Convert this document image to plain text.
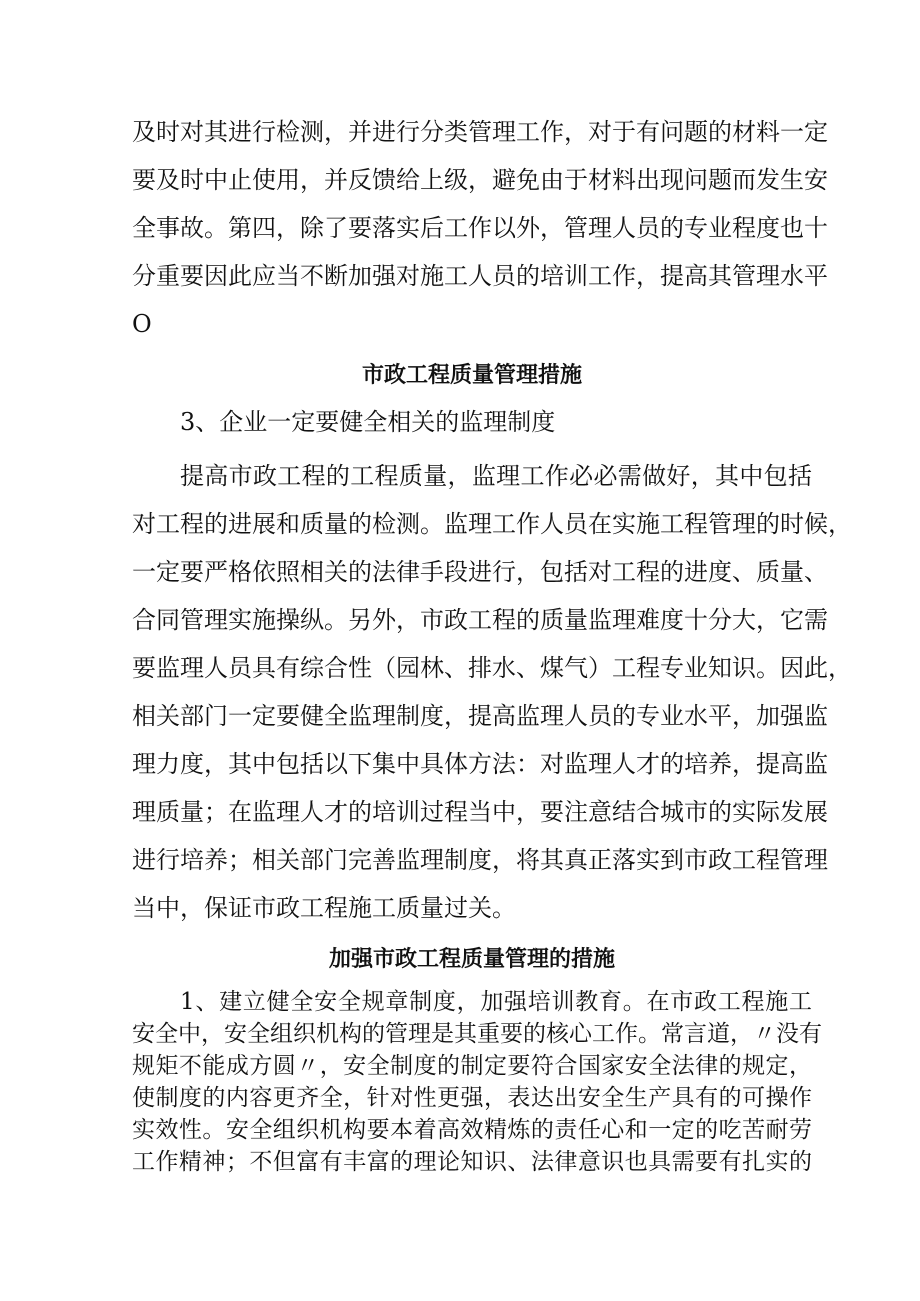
及时对其进行检测，并进行分类管理工作，对于有问题的材料一定
要及时中止使用，并反馈给上级，避免由于材料出现问题而发生安
全事故。第四，除了要落实后工作以外，管理人员的专业程度也十
分重要因此应当不断加强对施工人员的培训工作，提高其管理水平
O
市政工程质量管理措施
3、企业一定要健全相关的监理制度
提高市政工程的工程质量，监理工作必必需做好，其中包括
对工程的进展和质量的检测。监理工作人员在实施工程管理的时候，
一定要严格依照相关的法律手段进行，包括对工程的进度、质量、
合同管理实施操纵。另外，市政工程的质量监理难度十分大，它需
要监理人员具有综合性（园林、排水、煤气）工程专业知识。因此，
相关部门一定要健全监理制度，提高监理人员的专业水平，加强监
理力度，其中包括以下集中具体方法：对监理人才的培养，提高监
理质量；在监理人才的培训过程当中，要注意结合城市的实际发展
进行培养；相关部门完善监理制度，将其真正落实到市政工程管理
当中，保证市政工程施工质量过关。
加强市政工程质量管理的措施
1、建立健全安全规章制度，加强培训教育。在市政工程施工
安全中，安全组织机构的管理是其重要的核心工作。常言道，〃没有
规矩不能成方圆〃，安全制度的制定要符合国家安全法律的规定，
使制度的内容更齐全，针对性更强，表达出安全生产具有的可操作
实效性。安全组织机构要本着高效精炼的责任心和一定的吃苦耐劳
工作精神；不但富有丰富的理论知识、法律意识也具需要有扎实的
